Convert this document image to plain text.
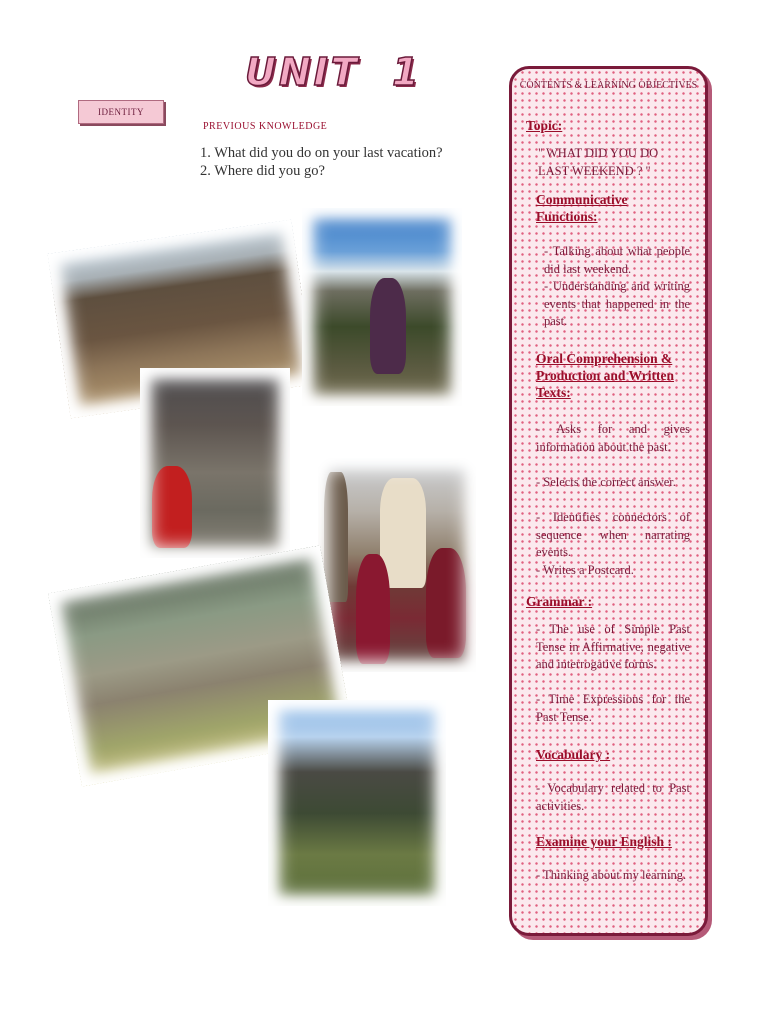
UNIT  1
IDENTITY
PREVIOUS KNOWLEDGE
1. What did you do on your last vacation?
2. Where did you go?
CONTENTS & LEARNING OBJECTIVES
Topic:
" WHAT DID YOU DO LAST WEEKEND ? "
Communicative Functions:
- Talking about what people did last weekend.
- Understanding and writing events that happened in the past.
Oral Comprehension & Production and Written Texts:
- Asks for and gives information about the past.
- Selects the correct answer.
- Identifies connectors of sequence when narrating events.
- Writes a Postcard.
Grammar :
- The use of Simple Past Tense in Affirmative, negative and interrogative forms.
- Time Expressions for the Past Tense.
Vocabulary :
- Vocabulary related to Past activities.
Examine your English :
- Thinking about my learning.
